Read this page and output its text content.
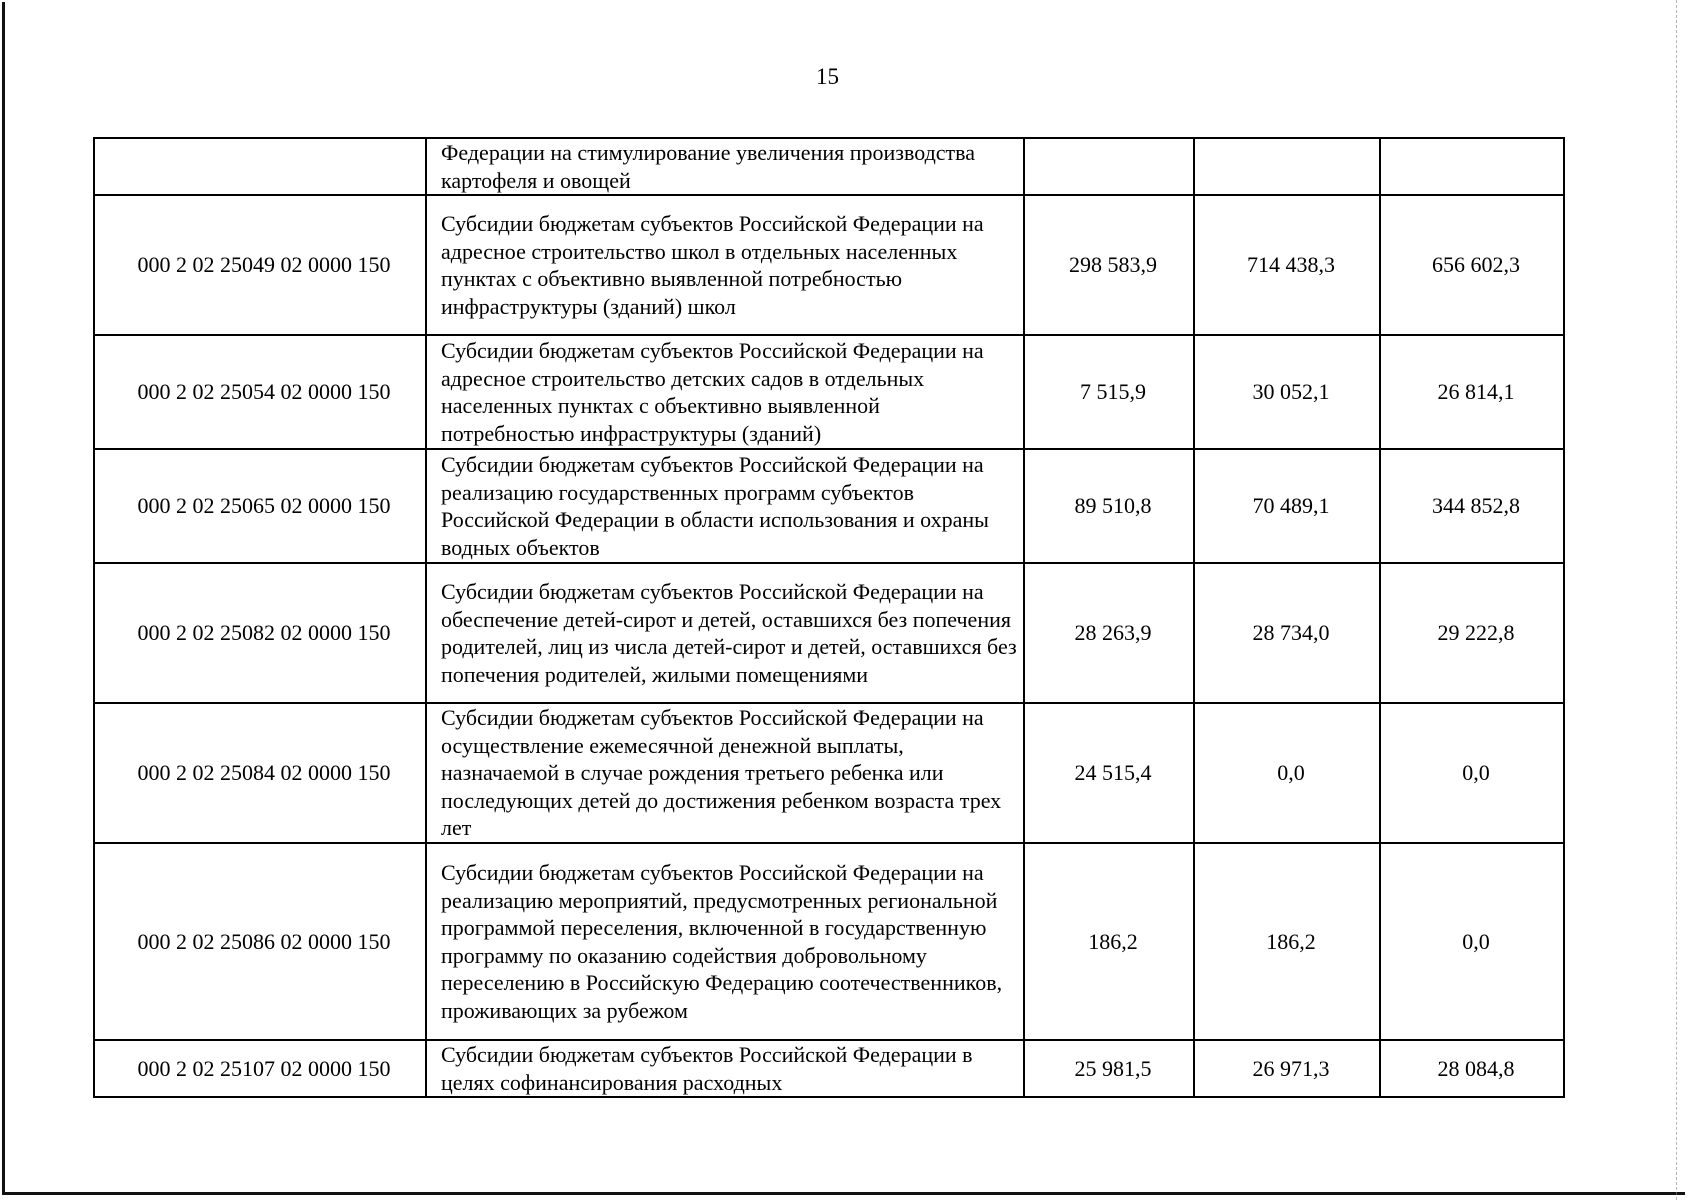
15
	Федерации на стимулирование увеличения производства картофеля и овощей			
000 2 02 25049 02 0000 150	Субсидии бюджетам субъектов Российской Федерации на адресное строительство школ в отдельных населенных пунктах с объективно выявленной потребностью инфраструктуры (зданий) школ	298 583,9	714 438,3	656 602,3
000 2 02 25054 02 0000 150	Субсидии бюджетам субъектов Российской Федерации на адресное строительство детских садов в отдельных населенных пунктах с объективно выявленной потребностью инфраструктуры (зданий)	7 515,9	30 052,1	26 814,1
000 2 02 25065 02 0000 150	Субсидии бюджетам субъектов Российской Федерации на реализацию государственных программ субъектов Российской Федерации в области использования и охраны водных объектов	89 510,8	70 489,1	344 852,8
000 2 02 25082 02 0000 150	Субсидии бюджетам субъектов Российской Федерации на обеспечение детей-сирот и детей, оставшихся без попечения родителей, лиц из числа детей-сирот и детей, оставшихся без попечения родителей, жилыми помещениями	28 263,9	28 734,0	29 222,8
000 2 02 25084 02 0000 150	Субсидии бюджетам субъектов Российской Федерации на осуществление ежемесячной денежной выплаты, назначаемой в случае рождения третьего ребенка или последующих детей до достижения ребенком возраста трех лет	24 515,4	0,0	0,0
000 2 02 25086 02 0000 150	Субсидии бюджетам субъектов Российской Федерации на реализацию мероприятий, предусмотренных региональной программой переселения, включенной в государственную программу по оказанию содействия добровольному переселению в Российскую Федерацию соотечественников, проживающих за рубежом	186,2	186,2	0,0
000 2 02 25107 02 0000 150	Субсидии бюджетам субъектов Российской Федерации в целях софинансирования расходных	25 981,5	26 971,3	28 084,8
